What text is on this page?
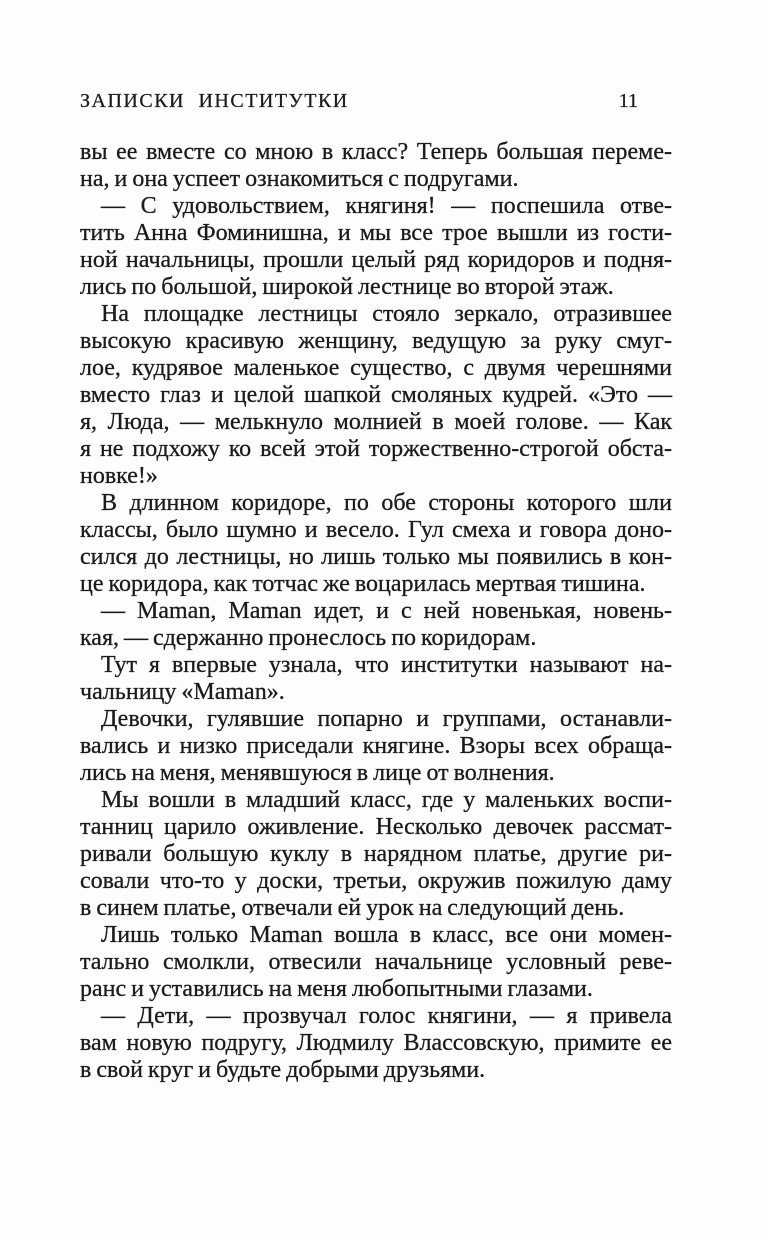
ЗАПИСКИ ИНСТИТУТКИ	11
вы ее вместе со мною в класс? Теперь большая переме-
на, и она успеет ознакомиться с подругами.
— С удовольствием, княгиня! — поспешила отве-
тить Анна Фоминишна, и мы все трое вышли из гости-
ной начальницы, прошли целый ряд коридоров и подня-
лись по большой, широкой лестнице во второй этаж.
На площадке лестницы стояло зеркало, отразившее
высокую красивую женщину, ведущую за руку смуг-
лое, кудрявое маленькое существо, с двумя черешнями
вместо глаз и целой шапкой смоляных кудрей. «Это —
я, Люда, — мелькнуло молнией в моей голове. — Как
я не подхожу ко всей этой торжественно-строгой обста-
новке!»
В длинном коридоре, по обе стороны которого шли
классы, было шумно и весело. Гул смеха и говора доно-
сился до лестницы, но лишь только мы появились в кон-
це коридора, как тотчас же воцарилась мертвая тишина.
— Maman, Maman идет, и с ней новенькая, новень-
кая, — сдержанно пронеслось по коридорам.
Тут я впервые узнала, что институтки называют на-
чальницу «Maman».
Девочки, гулявшие попарно и группами, останавли-
вались и низко приседали княгине. Взоры всех обраща-
лись на меня, менявшуюся в лице от волнения.
Мы вошли в младший класс, где у маленьких воспи-
танниц царило оживление. Несколько девочек рассмат-
ривали большую куклу в нарядном платье, другие ри-
совали что-то у доски, третьи, окружив пожилую даму
в синем платье, отвечали ей урок на следующий день.
Лишь только Maman вошла в класс, все они момен-
тально смолкли, отвесили начальнице условный реве-
ранс и уставились на меня любопытными глазами.
— Дети, — прозвучал голос княгини, — я привела
вам новую подругу, Людмилу Влассовскую, примите ее
в свой круг и будьте добрыми друзьями.
